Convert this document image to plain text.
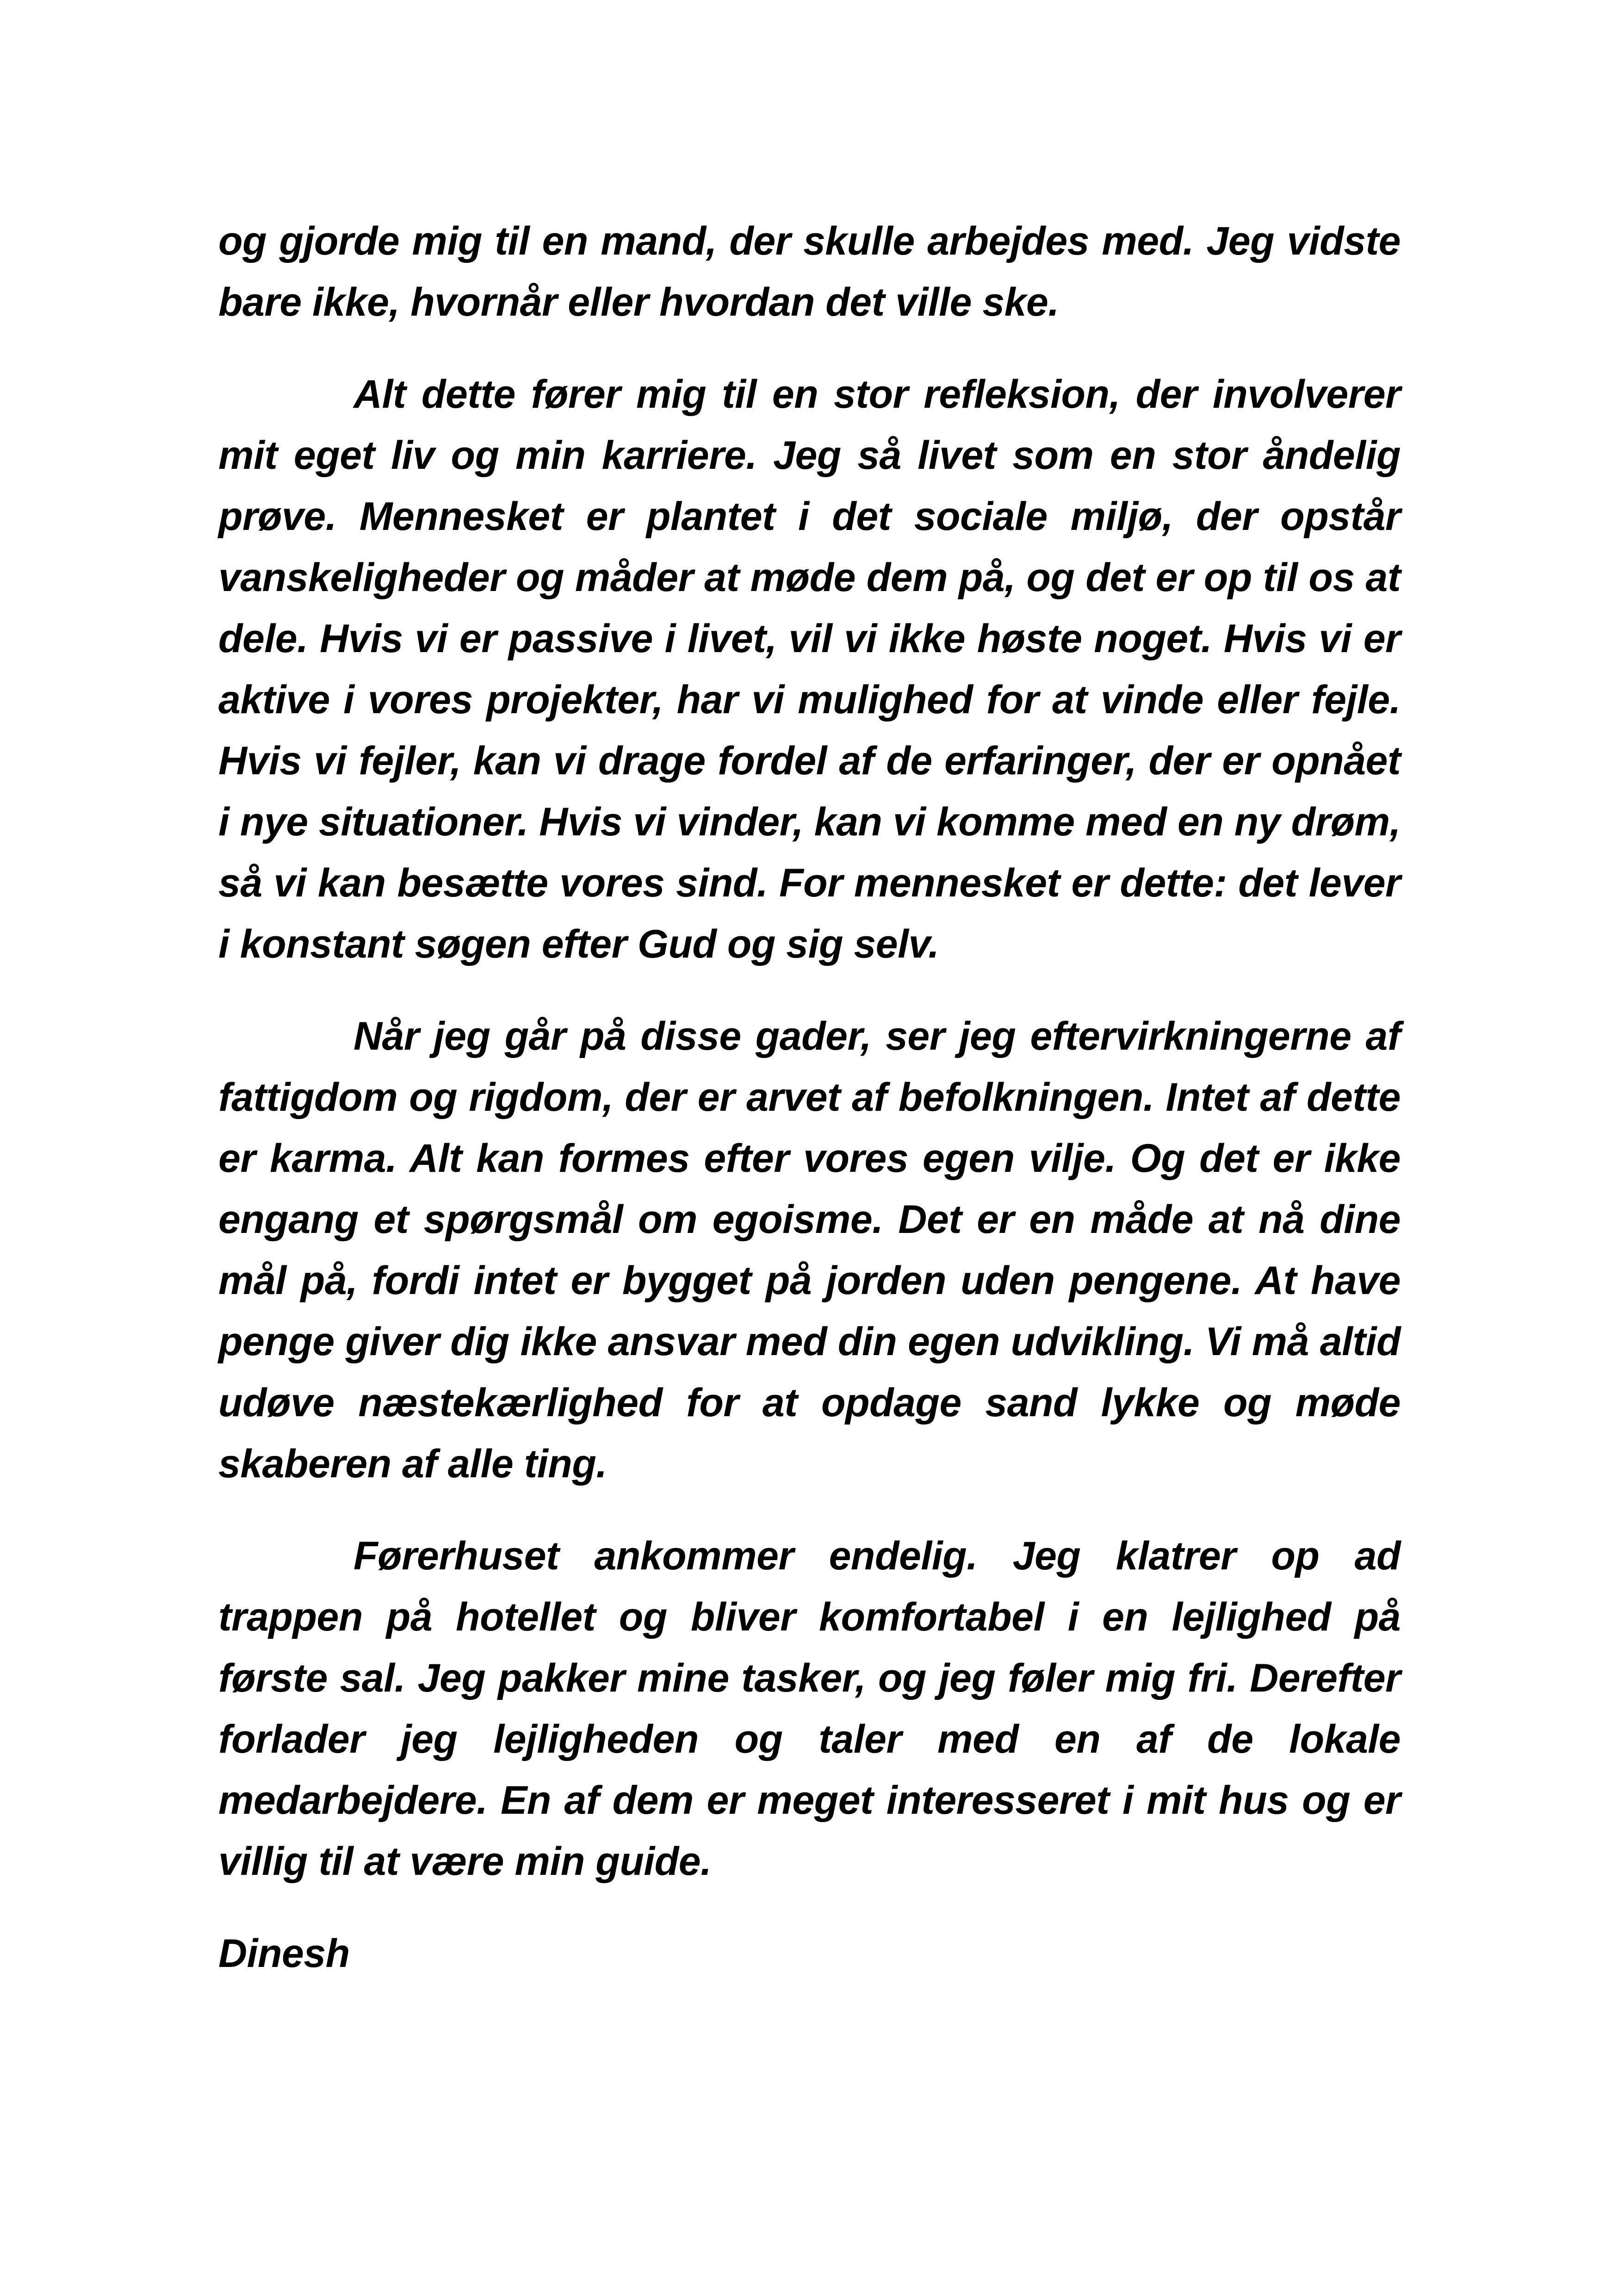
og gjorde mig til en mand, der skulle arbejdes med. Jeg vidste bare ikke, hvornår eller hvordan det ville ske.

Alt dette fører mig til en stor refleksion, der involverer mit eget liv og min karriere. Jeg så livet som en stor åndelig prøve. Mennesket er plantet i det sociale miljø, der opstår vanskeligheder og måder at møde dem på, og det er op til os at dele. Hvis vi er passive i livet, vil vi ikke høste noget. Hvis vi er aktive i vores projekter, har vi mulighed for at vinde eller fejle. Hvis vi fejler, kan vi drage fordel af de erfaringer, der er opnået i nye situationer. Hvis vi vinder, kan vi komme med en ny drøm, så vi kan besætte vores sind. For mennesket er dette: det lever i konstant søgen efter Gud og sig selv.

Når jeg går på disse gader, ser jeg eftervirkningerne af fattigdom og rigdom, der er arvet af befolkningen. Intet af dette er karma. Alt kan formes efter vores egen vilje. Og det er ikke engang et spørgsmål om egoisme. Det er en måde at nå dine mål på, fordi intet er bygget på jorden uden pengene. At have penge giver dig ikke ansvar med din egen udvikling. Vi må altid udøve næstekærlighed for at opdage sand lykke og møde skaberen af alle ting.

Førerhuset ankommer endelig. Jeg klatrer op ad trappen på hotellet og bliver komfortabel i en lejlighed på første sal. Jeg pakker mine tasker, og jeg føler mig fri. Derefter forlader jeg lejligheden og taler med en af de lokale medarbejdere. En af dem er meget interesseret i mit hus og er villig til at være min guide.

Dinesh
